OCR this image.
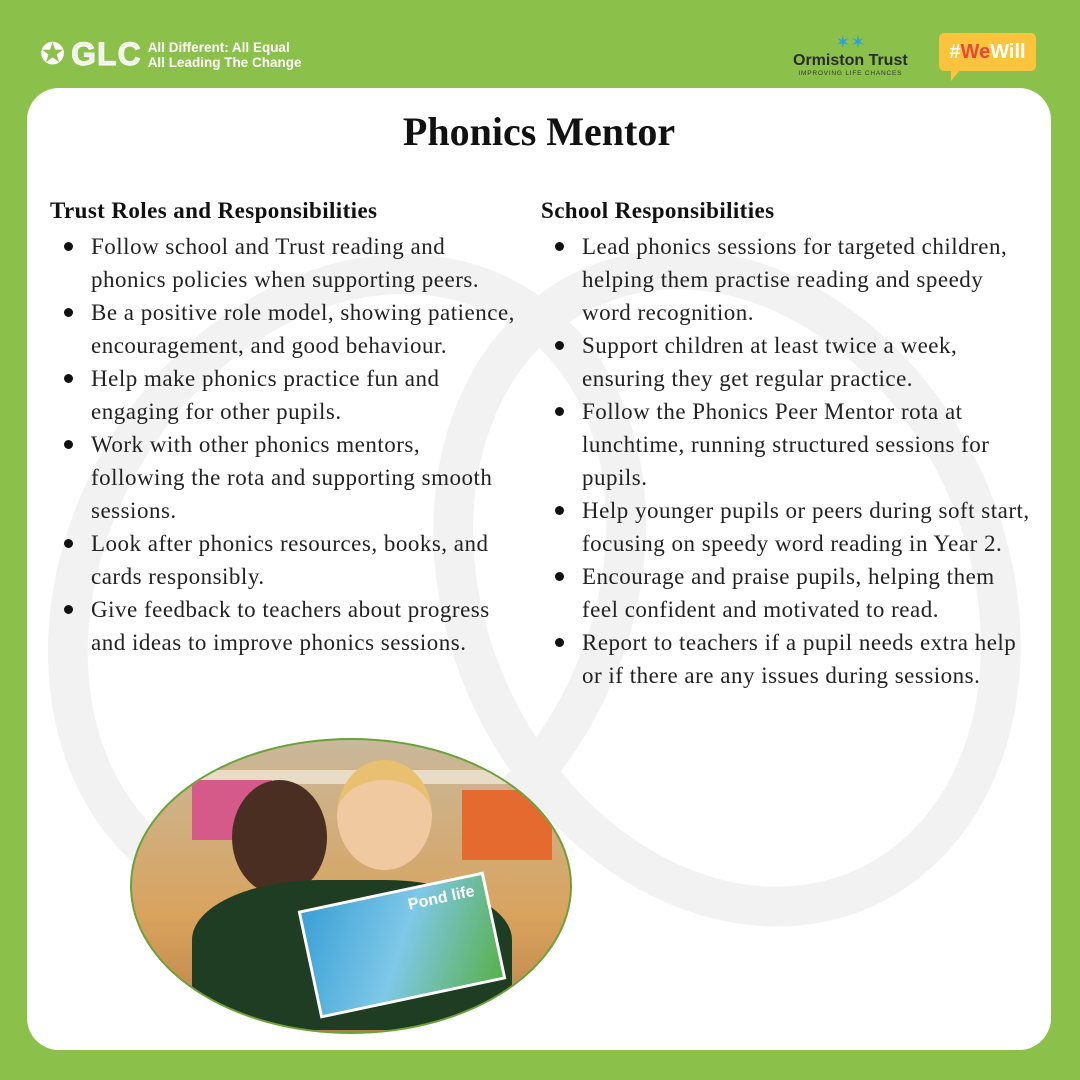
✪ GLC All Different: All Equal
All Leading The Change
✶✶
Ormiston Trust
IMPROVING LIFE CHANCES
# We Will
Phonics Mentor
Trust Roles and Responsibilities
Follow school and Trust reading and phonics policies when supporting peers.
Be a positive role model, showing patience, encouragement, and good behaviour.
Help make phonics practice fun and engaging for other pupils.
Work with other phonics mentors, following the rota and supporting smooth sessions.
Look after phonics resources, books, and cards responsibly.
Give feedback to teachers about progress and ideas to improve phonics sessions.
School Responsibilities
Lead phonics sessions for targeted children, helping them practise reading and speedy word recognition.
Support children at least twice a week, ensuring they get regular practice.
Follow the Phonics Peer Mentor rota at lunchtime, running structured sessions for pupils.
Help younger pupils or peers during soft start, focusing on speedy word reading in Year 2.
Encourage and praise pupils, helping them feel confident and motivated to read.
Report to teachers if a pupil needs extra help or if there are any issues during sessions.
Pond life
